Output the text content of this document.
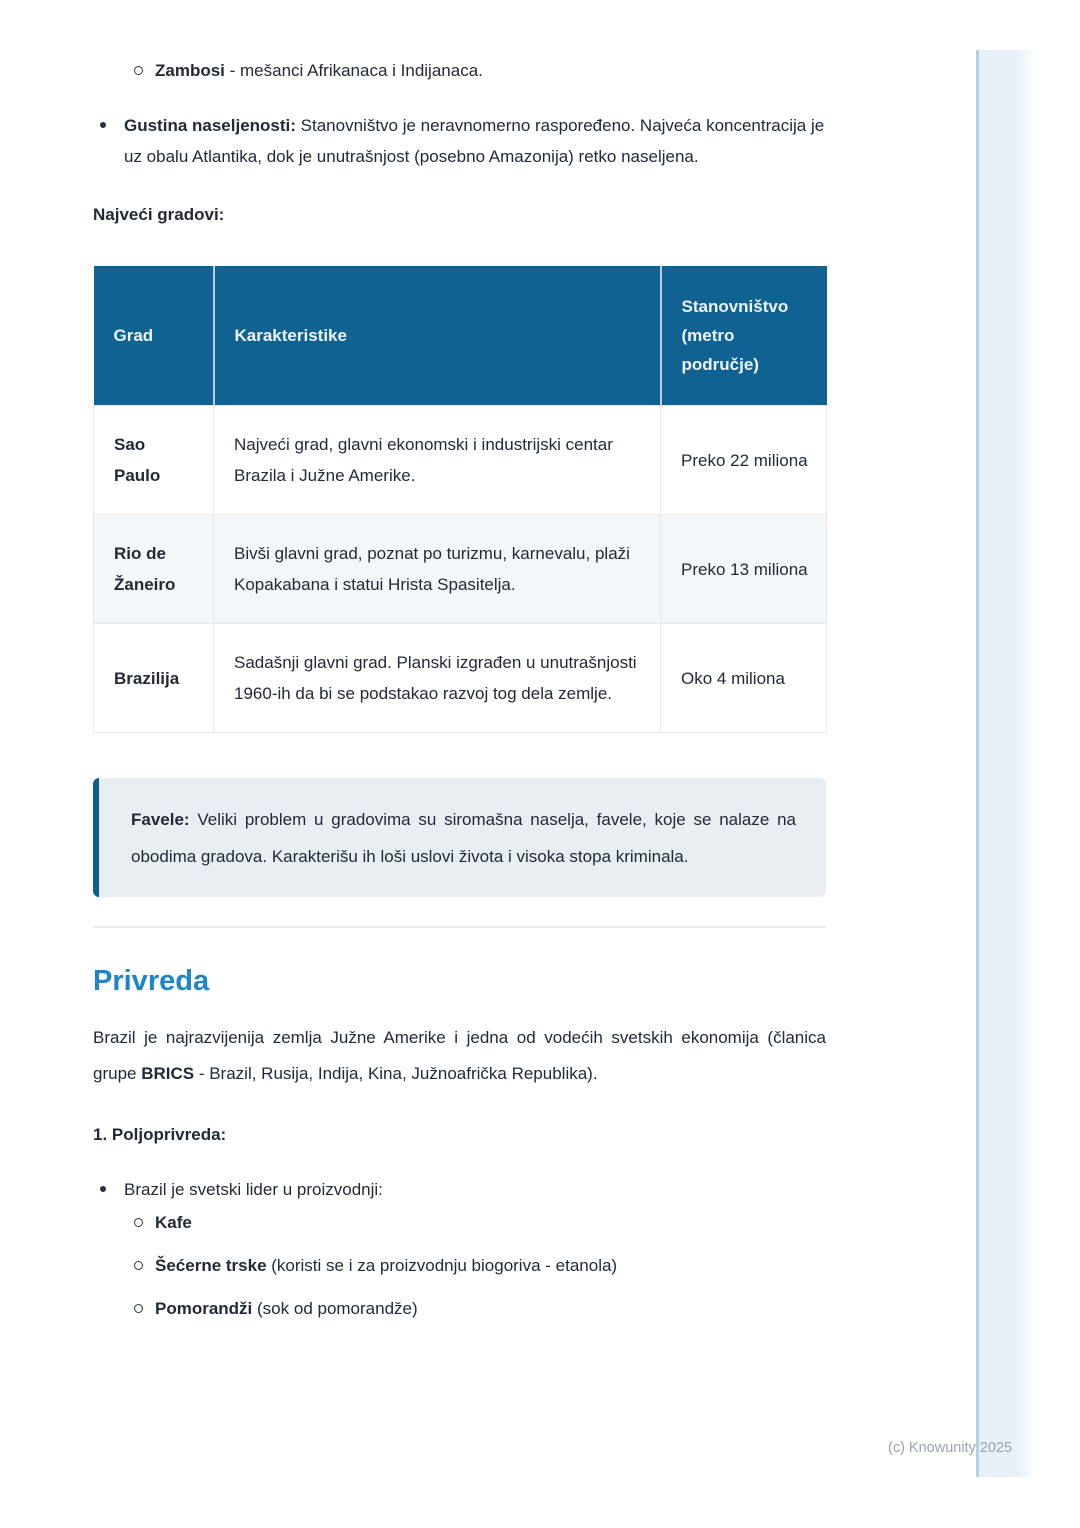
Zambosi - mešanci Afrikanaca i Indijanaca.
Gustina naseljenosti: Stanovništvo je neravnomerno raspoređeno. Najveća koncentracija je uz obalu Atlantika, dok je unutrašnjost (posebno Amazonija) retko naseljena.
Najveći gradovi:
Grad	Karakteristike	Stanovništvo (metro područje)
Sao Paulo	Najveći grad, glavni ekonomski i industrijski centar Brazila i Južne Amerike.	Preko 22 miliona
Rio de Žaneiro	Bivši glavni grad, poznat po turizmu, karnevalu, plaži Kopakabana i statui Hrista Spasitelja.	Preko 13 miliona
Brazilija	Sadašnji glavni grad. Planski izgrađen u unutrašnjosti 1960-ih da bi se podstakao razvoj tog dela zemlje.	Oko 4 miliona
Favele: Veliki problem u gradovima su siromašna naselja, favele, koje se nalaze na obodima gradova. Karakterišu ih loši uslovi života i visoka stopa kriminala.
Privreda

Brazil je najrazvijenija zemlja Južne Amerike i jedna od vodećih svetskih ekonomija (članica grupe BRICS - Brazil, Rusija, Indija, Kina, Južnoafrička Republika).

1. Poljoprivreda:
Brazil je svetski lider u proizvodnji:
Kafe
Šećerne trske (koristi se i za proizvodnju biogoriva - etanola)
Pomorandži (sok od pomorandže)
(c) Knowunity 2025
